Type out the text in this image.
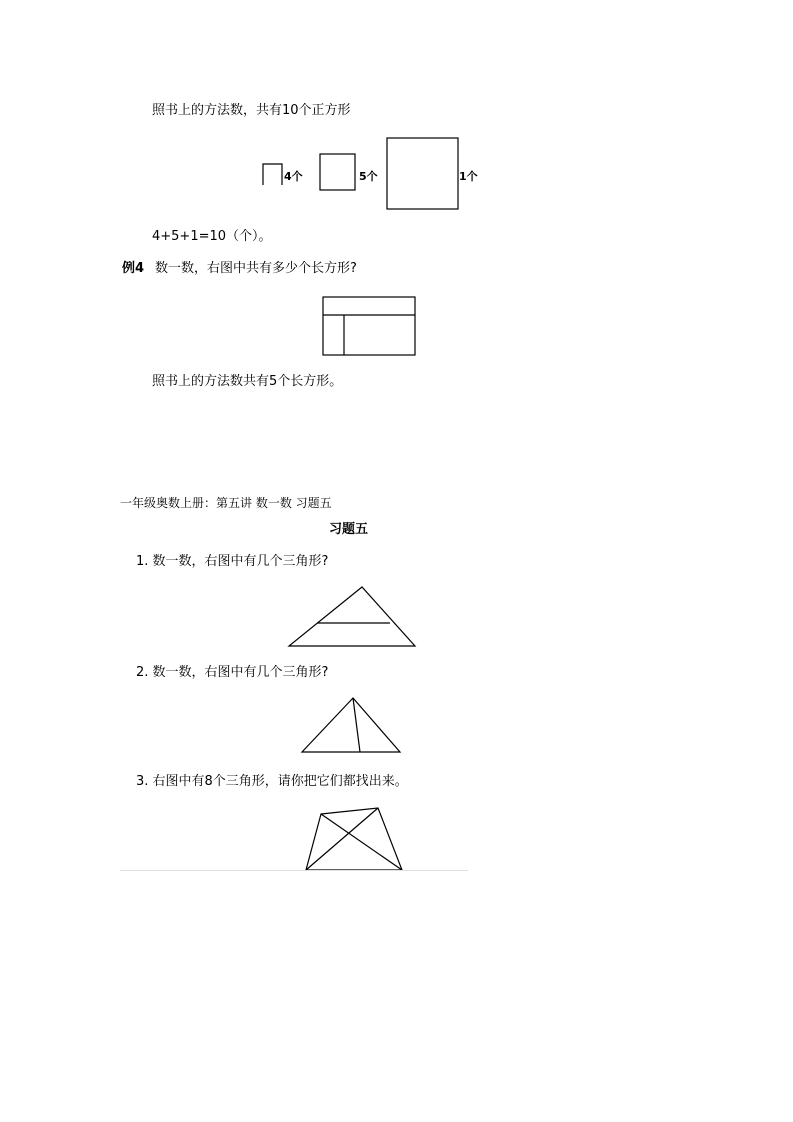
照书上的方法数，共有10个正方形
4个	5个	1个
4+5+1=10（个）。
例4 数一数，右图中共有多少个长方形?
照书上的方法数共有5个长方形。
一年级奥数上册：第五讲 数一数 习题五
习题五
1. 数一数，右图中有几个三角形?
2. 数一数，右图中有几个三角形?
3. 右图中有8个三角形，请你把它们都找出来。
